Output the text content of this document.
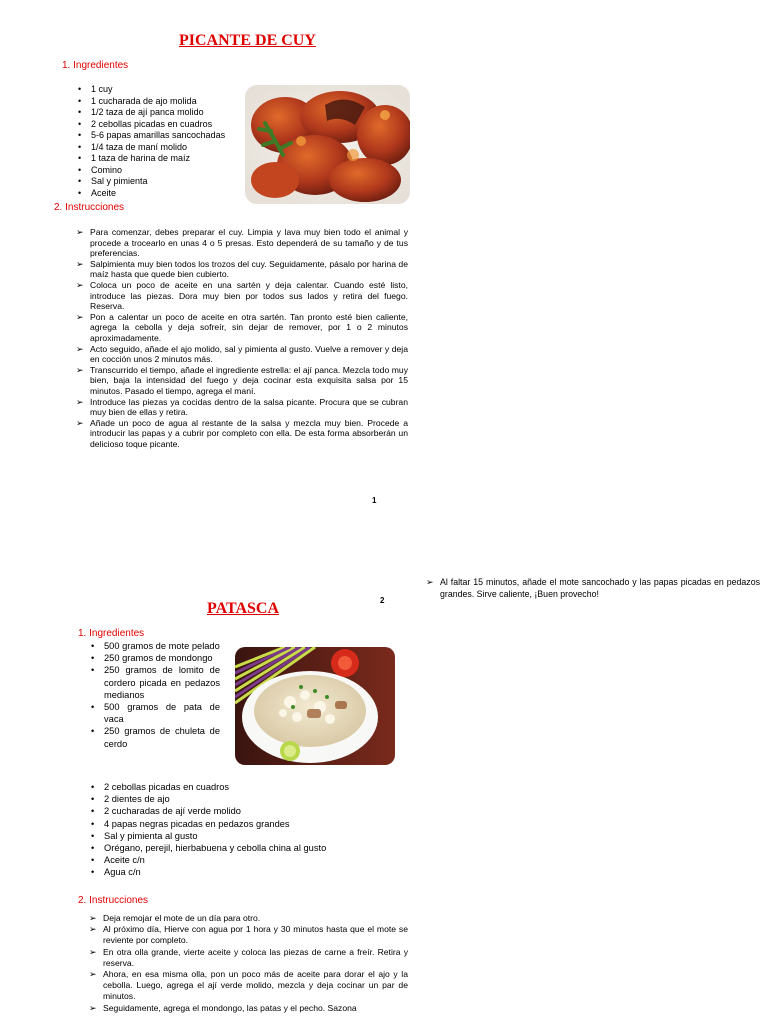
PICANTE DE CUY
1. Ingredientes
• 1 cuy
• 1 cucharada de ajo molida
• 1/2 taza de ají panca molido
• 2 cebollas picadas en cuadros
• 5-6 papas amarillas sancochadas
• 1/4 taza de maní molido
• 1 taza de harina de maíz
• Comino
• Sal y pimienta
• Aceite
2. Instrucciones
➢ Para comenzar, debes preparar el cuy. Limpia y lava muy bien todo el animal y procede a trocearlo en unas 4 o 5 presas. Esto dependerá de su tamaño y de tus preferencias.
➢ Salpimienta muy bien todos los trozos del cuy. Seguidamente, pásalo por harina de maíz hasta que quede bien cubierto.
➢ Coloca un poco de aceite en una sartén y deja calentar. Cuando esté listo, introduce las piezas. Dora muy bien por todos sus lados y retira del fuego. Reserva.
➢ Pon a calentar un poco de aceite en otra sartén. Tan pronto esté bien caliente, agrega la cebolla y deja sofreír, sin dejar de remover, por 1 o 2 minutos aproximadamente.
➢ Acto seguido, añade el ajo molido, sal y pimienta al gusto. Vuelve a remover y deja en cocción unos 2 minutos más.
➢ Transcurrido el tiempo, añade el ingrediente estrella: el ají panca. Mezcla todo muy bien, baja la intensidad del fuego y deja cocinar esta exquisita salsa por 15 minutos. Pasado el tiempo, agrega el maní.
➢ Introduce las piezas ya cocidas dentro de la salsa picante. Procura que se cubran muy bien de ellas y retira.
➢ Añade un poco de agua al restante de la salsa y mezcla muy bien. Procede a introducir las papas y a cubrir por completo con ella. De esta forma absorberán un delicioso toque picante.
1
➢ Al faltar 15 minutos, añade el mote sancochado y las papas picadas en pedazos grandes. Sirve caliente, ¡Buen provecho!
2
PATASCA
1. Ingredientes
• 500 gramos de mote pelado
• 250 gramos de mondongo
• 250 gramos de lomito de cordero picada en pedazos medianos
• 500 gramos de pata de vaca
• 250 gramos de chuleta de cerdo
• 2 cebollas picadas en cuadros
• 2 dientes de ajo
• 2 cucharadas de ají verde molido
• 4 papas negras picadas en pedazos grandes
• Sal y pimienta al gusto
• Orégano, perejil, hierbabuena y cebolla china al gusto
• Aceite c/n
• Agua c/n
2. Instrucciones
➢ Deja remojar el mote de un día para otro.
➢ Al próximo día, Hierve con agua por 1 hora y 30 minutos hasta que el mote se reviente por completo.
➢ En otra olla grande, vierte aceite y coloca las piezas de carne a freír. Retira y reserva.
➢ Ahora, en esa misma olla, pon un poco más de aceite para dorar el ajo y la cebolla. Luego, agrega el ají verde molido, mezcla y deja cocinar un par de minutos.
➢ Seguidamente, agrega el mondongo, las patas y el pecho. Sazona
